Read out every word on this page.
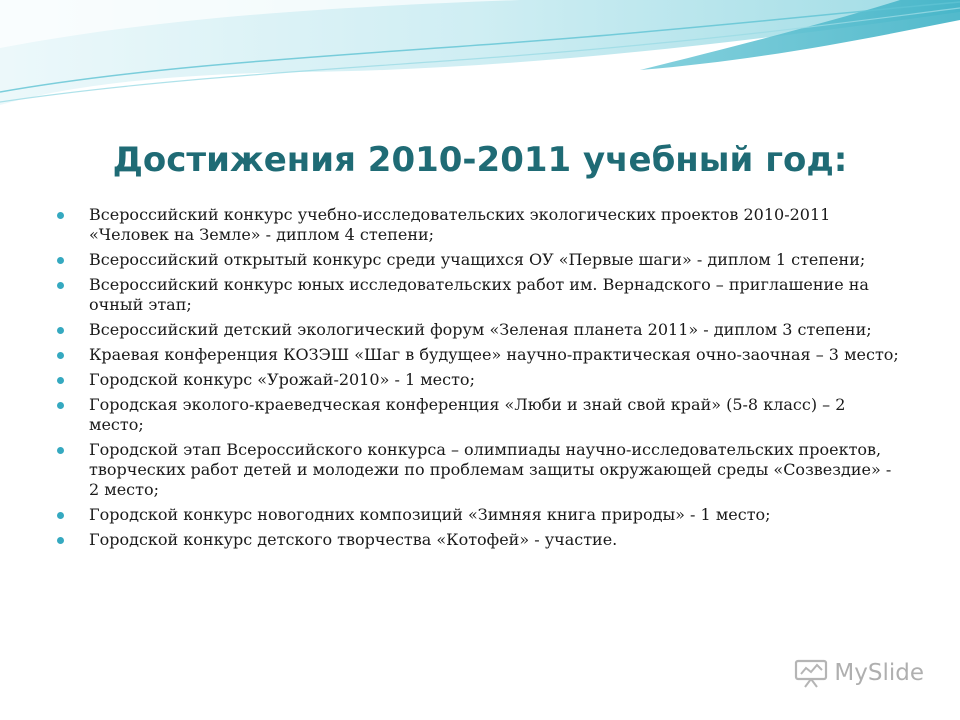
Достижения 2010-2011 учебный год:
Всероссийский конкурс учебно-исследовательских экологических проектов 2010-2011 «Человек на Земле» - диплом 4 степени;
Всероссийский открытый конкурс среди учащихся ОУ «Первые шаги» - диплом 1 степени;
Всероссийский конкурс юных исследовательских работ им. Вернадского – приглашение на очный этап;
Всероссийский детский экологический форум «Зеленая планета 2011» - диплом 3 степени;
Краевая конференция КОЗЭШ «Шаг в будущее» научно-практическая очно-заочная – 3 место;
Городской конкурс «Урожай-2010» - 1 место;
Городская эколого-краеведческая конференция «Люби и знай свой край» (5-8 класс) – 2 место;
Городской этап Всероссийского конкурса – олимпиады научно-исследовательских проектов, творческих работ детей и молодежи по проблемам защиты окружающей среды «Созвездие» - 2 место;
Городской конкурс новогодних композиций «Зимняя книга природы» - 1 место;
Городской конкурс детского творчества «Котофей» - участие.
MySlide
